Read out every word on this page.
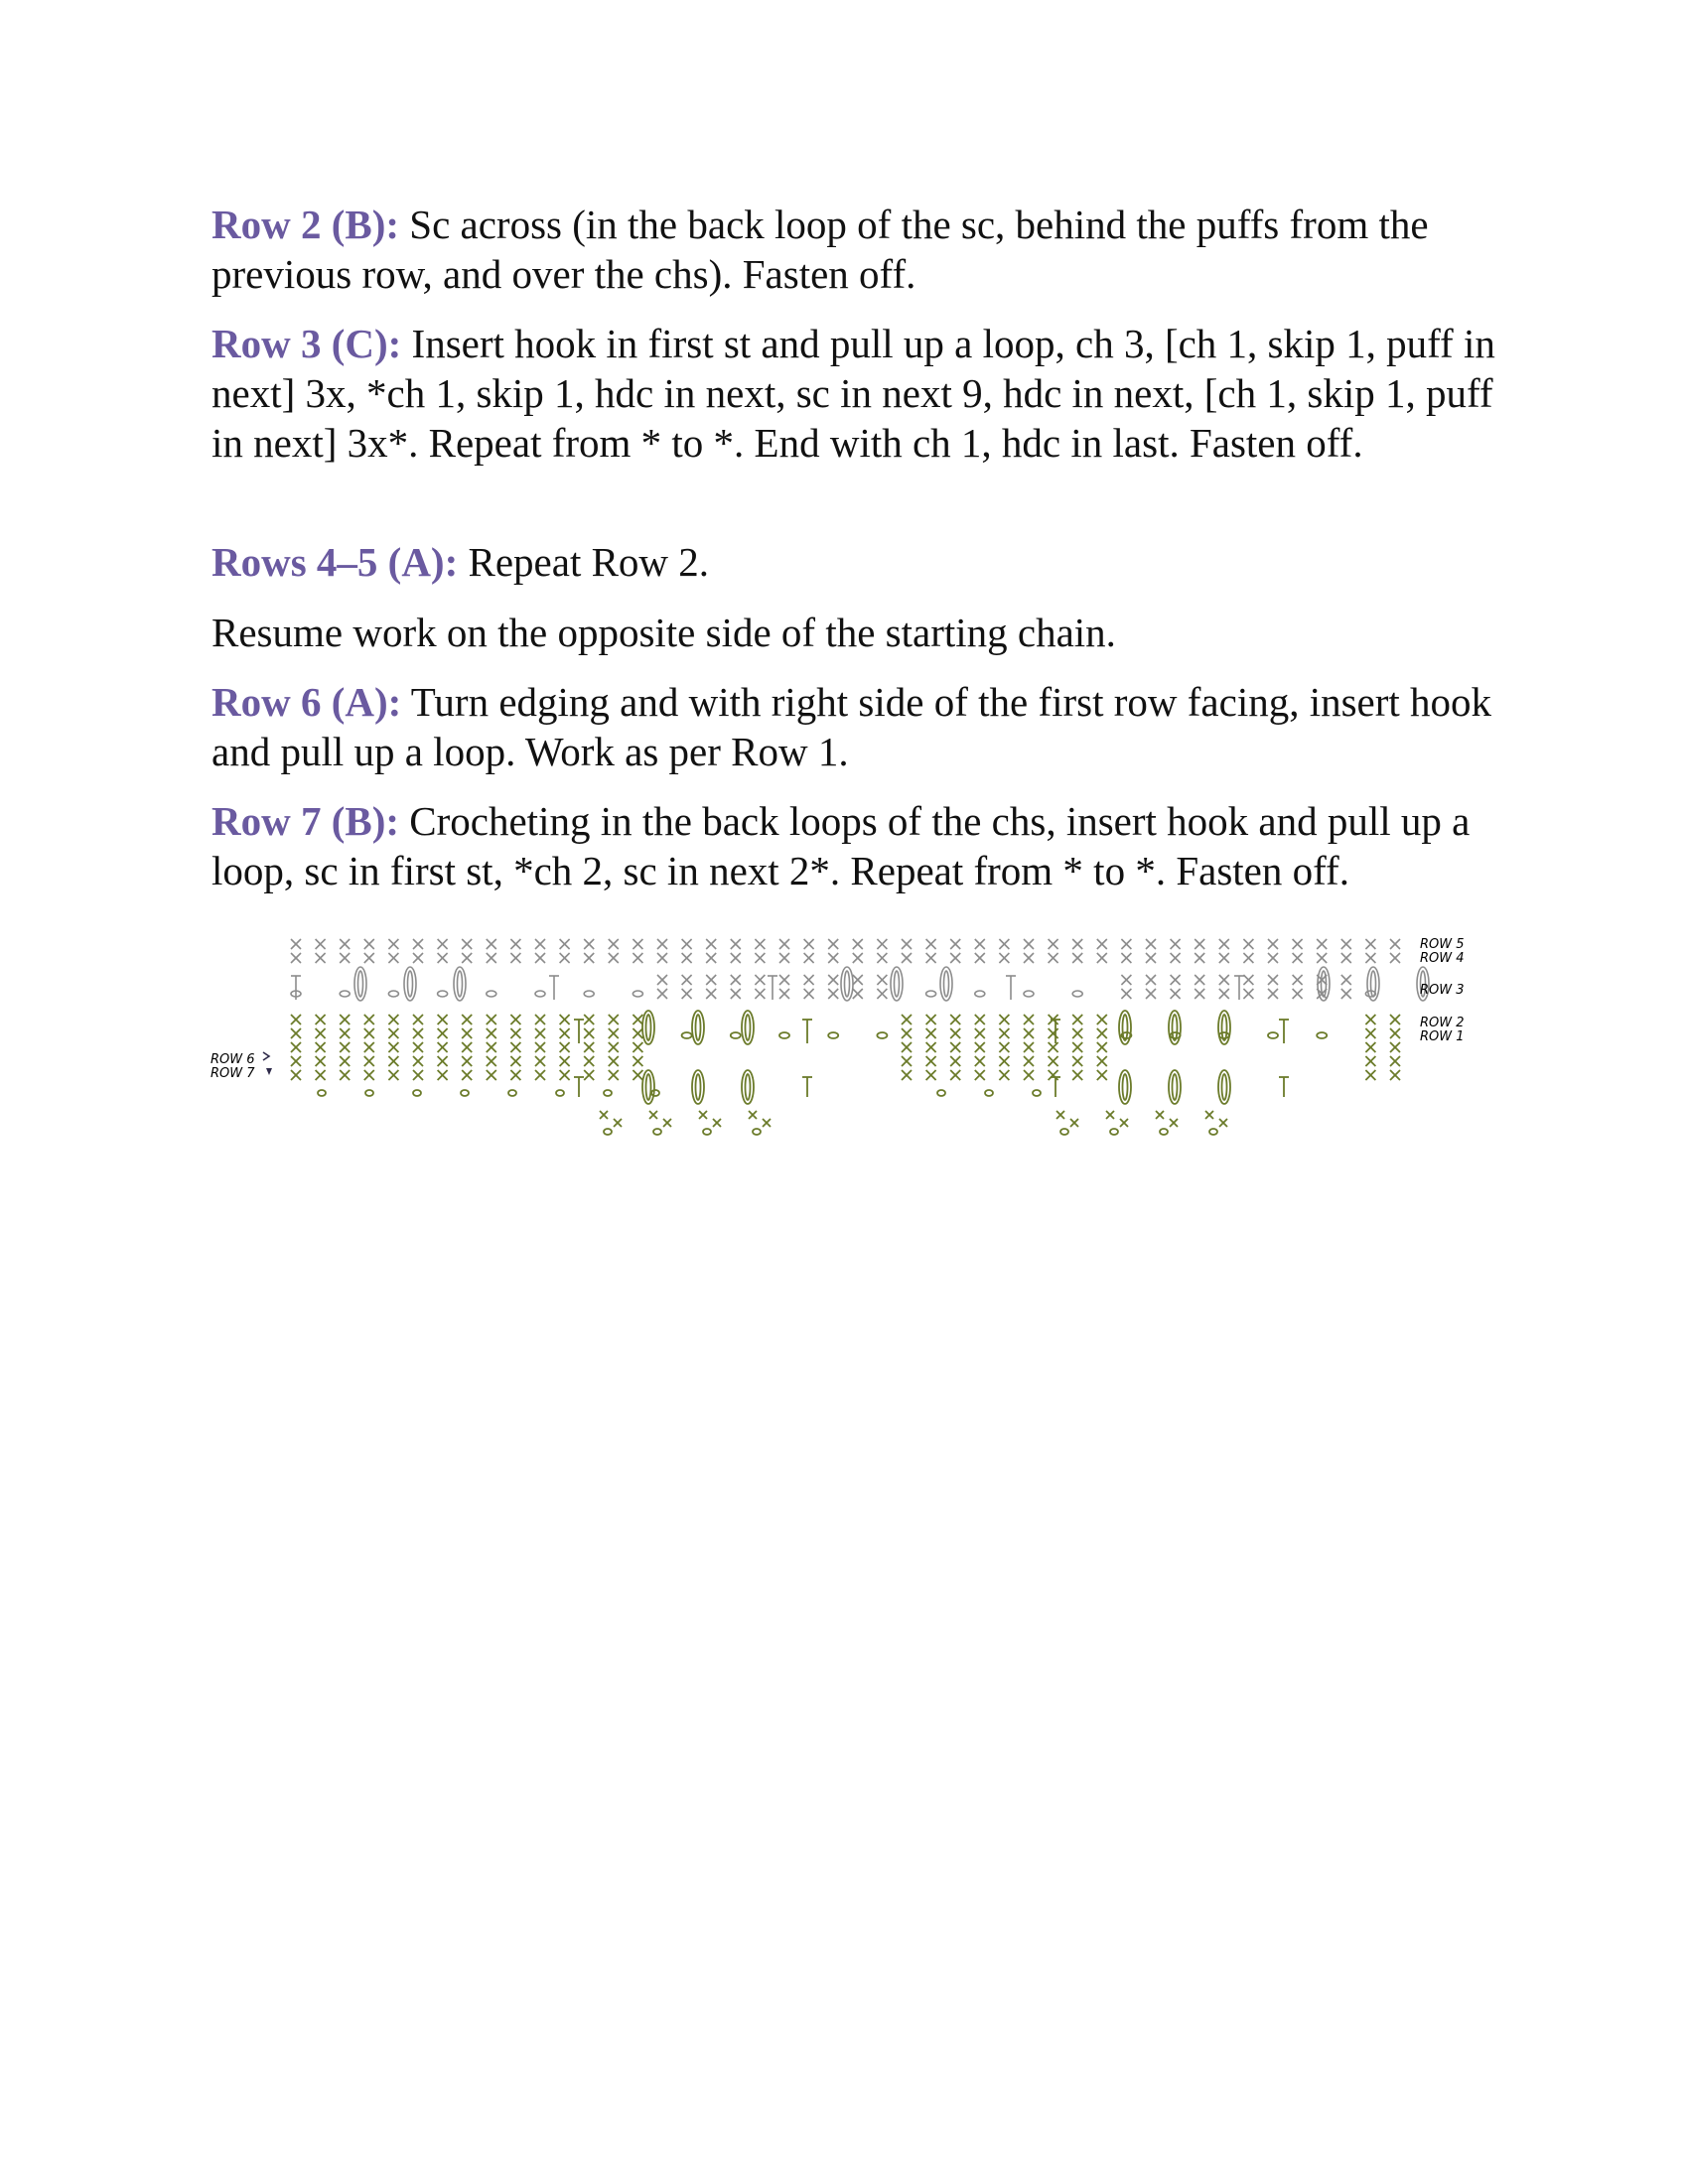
Row 2 (B): Sc across (in the back loop of the sc, behind the puffs from the previous row, and over the chs). Fasten off.

Row 3 (C): Insert hook in first st and pull up a loop, ch 3, [ch 1, skip 1, puff in next] 3x, *ch 1, skip 1, hdc in next, sc in next 9, hdc in next, [ch 1, skip 1, puff in next] 3x*. Repeat from * to *. End with ch 1, hdc in last. Fasten off.

Rows 4–5 (A): Repeat Row 2.

Resume work on the opposite side of the starting chain.

Row 6 (A): Turn edging and with right side of the first row facing, insert hook and pull up a loop. Work as per Row 1.

Row 7 (B): Crocheting in the back loops of the chs, insert hook and pull up a loop, sc in first st, *ch 2, sc in next 2*. Repeat from * to *. Fasten off.

ROW 5
ROW 4
ROW 3
ROW 2
ROW 1
ROW 6
ROW 7
